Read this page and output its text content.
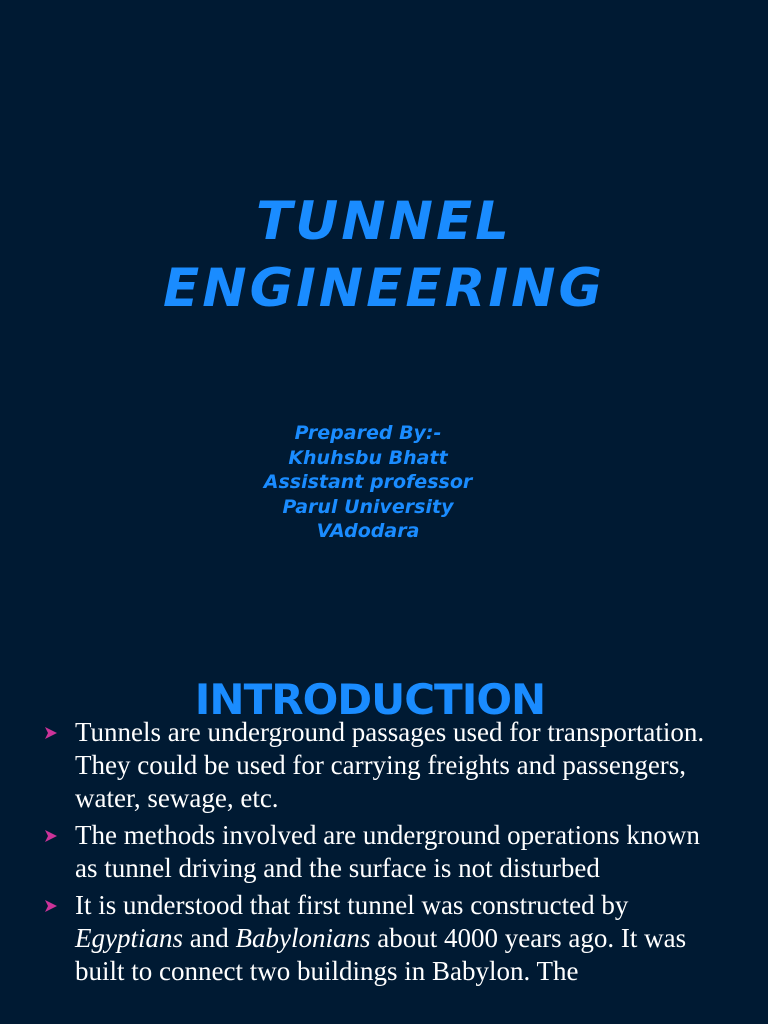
TUNNEL
ENGINEERING
Prepared By:-
Khuhsbu Bhatt
Assistant professor
Parul University
VAdodara
INTRODUCTION
Tunnels are underground passages used for transportation. They could be used for carrying freights and passengers, water, sewage, etc.
The methods involved are underground operations known as tunnel driving and the surface is not disturbed
It is understood that first tunnel was constructed by Egyptians and Babylonians about 4000 years ago. It was built to connect two buildings in Babylon. The
